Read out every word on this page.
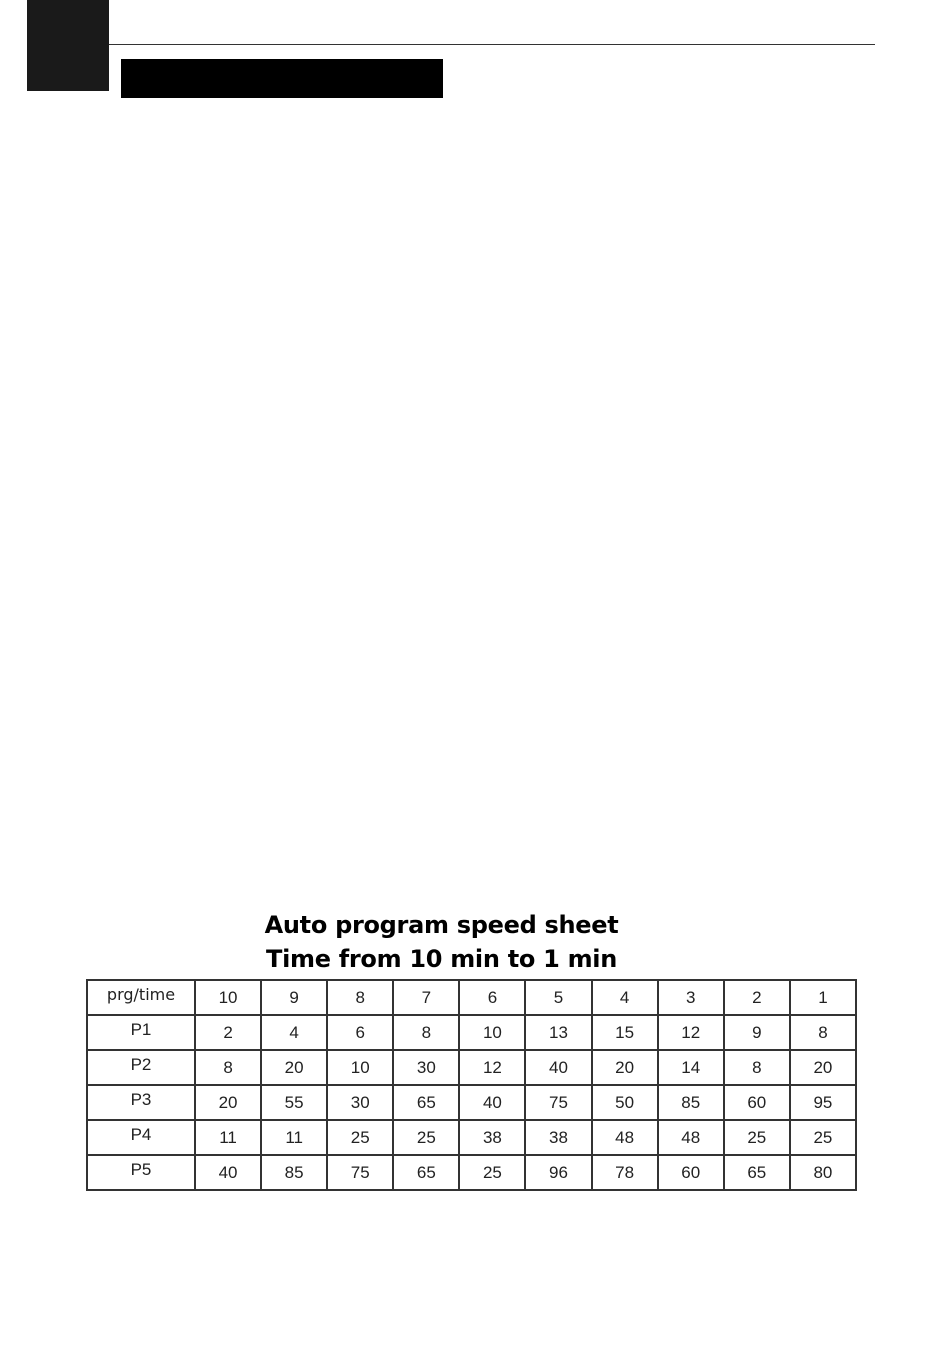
Auto program speed sheet
Time from 10 min to 1 min
prg/time	10	9	8	7	6	5	4	3	2	1
P1	2	4	6	8	10	13	15	12	9	8
P2	8	20	10	30	12	40	20	14	8	20
P3	20	55	30	65	40	75	50	85	60	95
P4	11	11	25	25	38	38	48	48	25	25
P5	40	85	75	65	25	96	78	60	65	80
